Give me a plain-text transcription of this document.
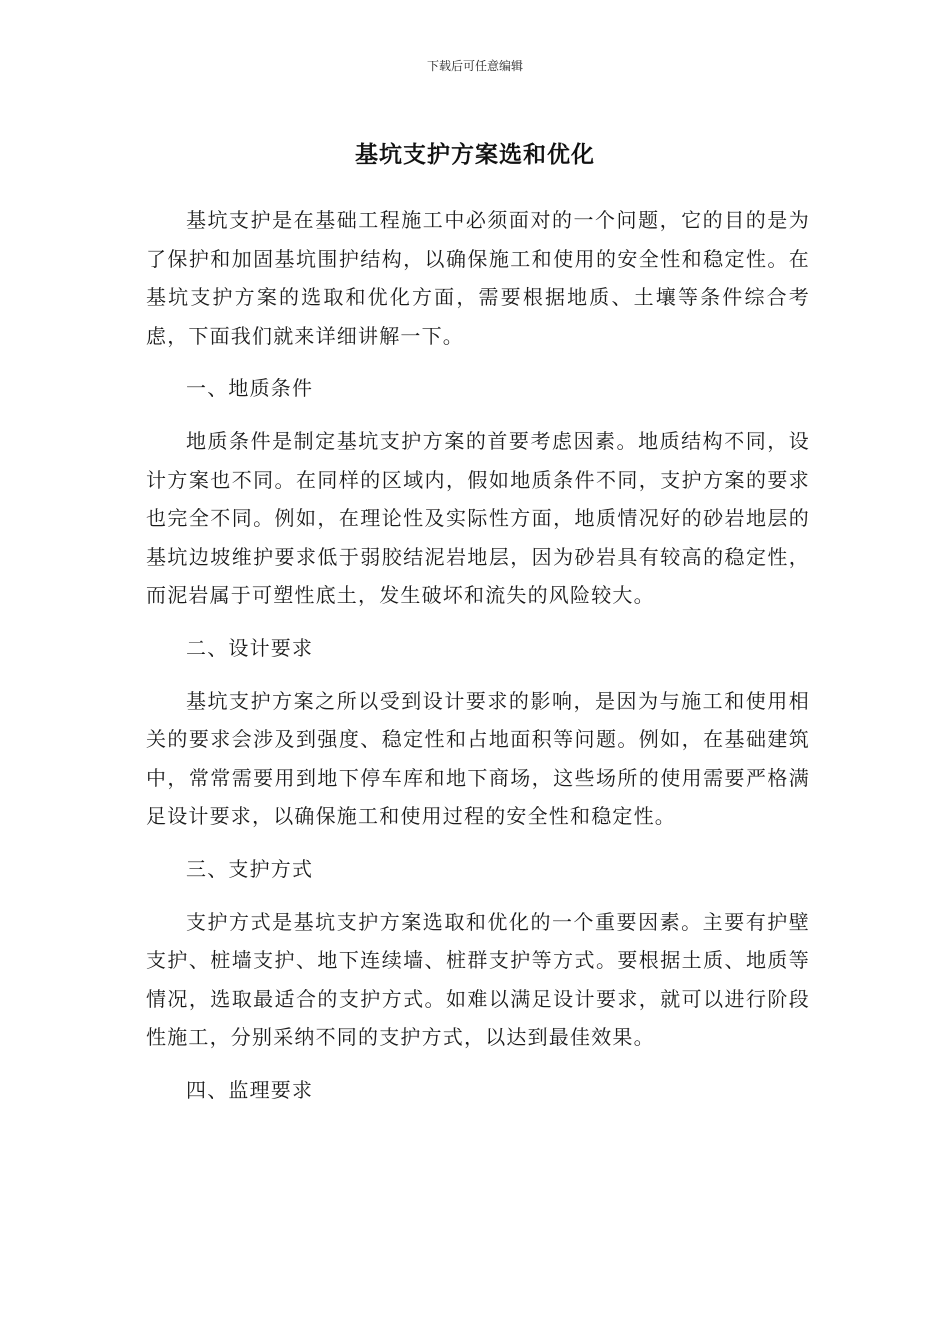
下载后可任意编辑
基坑支护方案选和优化

基坑支护是在基础工程施工中必须面对的一个问题，它的目的是为了保护和加固基坑围护结构，以确保施工和使用的安全性和稳定性。在基坑支护方案的选取和优化方面，需要根据地质、土壤等条件综合考虑，下面我们就来详细讲解一下。

一、地质条件

地质条件是制定基坑支护方案的首要考虑因素。地质结构不同，设计方案也不同。在同样的区域内，假如地质条件不同，支护方案的要求也完全不同。例如，在理论性及实际性方面，地质情况好的砂岩地层的基坑边坡维护要求低于弱胶结泥岩地层，因为砂岩具有较高的稳定性，而泥岩属于可塑性底土，发生破坏和流失的风险较大。

二、设计要求

基坑支护方案之所以受到设计要求的影响，是因为与施工和使用相关的要求会涉及到强度、稳定性和占地面积等问题。例如，在基础建筑中，常常需要用到地下停车库和地下商场，这些场所的使用需要严格满足设计要求，以确保施工和使用过程的安全性和稳定性。

三、支护方式

支护方式是基坑支护方案选取和优化的一个重要因素。主要有护壁支护、桩墙支护、地下连续墙、桩群支护等方式。要根据土质、地质等情况，选取最适合的支护方式。如难以满足设计要求，就可以进行阶段性施工，分别采纳不同的支护方式，以达到最佳效果。

四、监理要求
